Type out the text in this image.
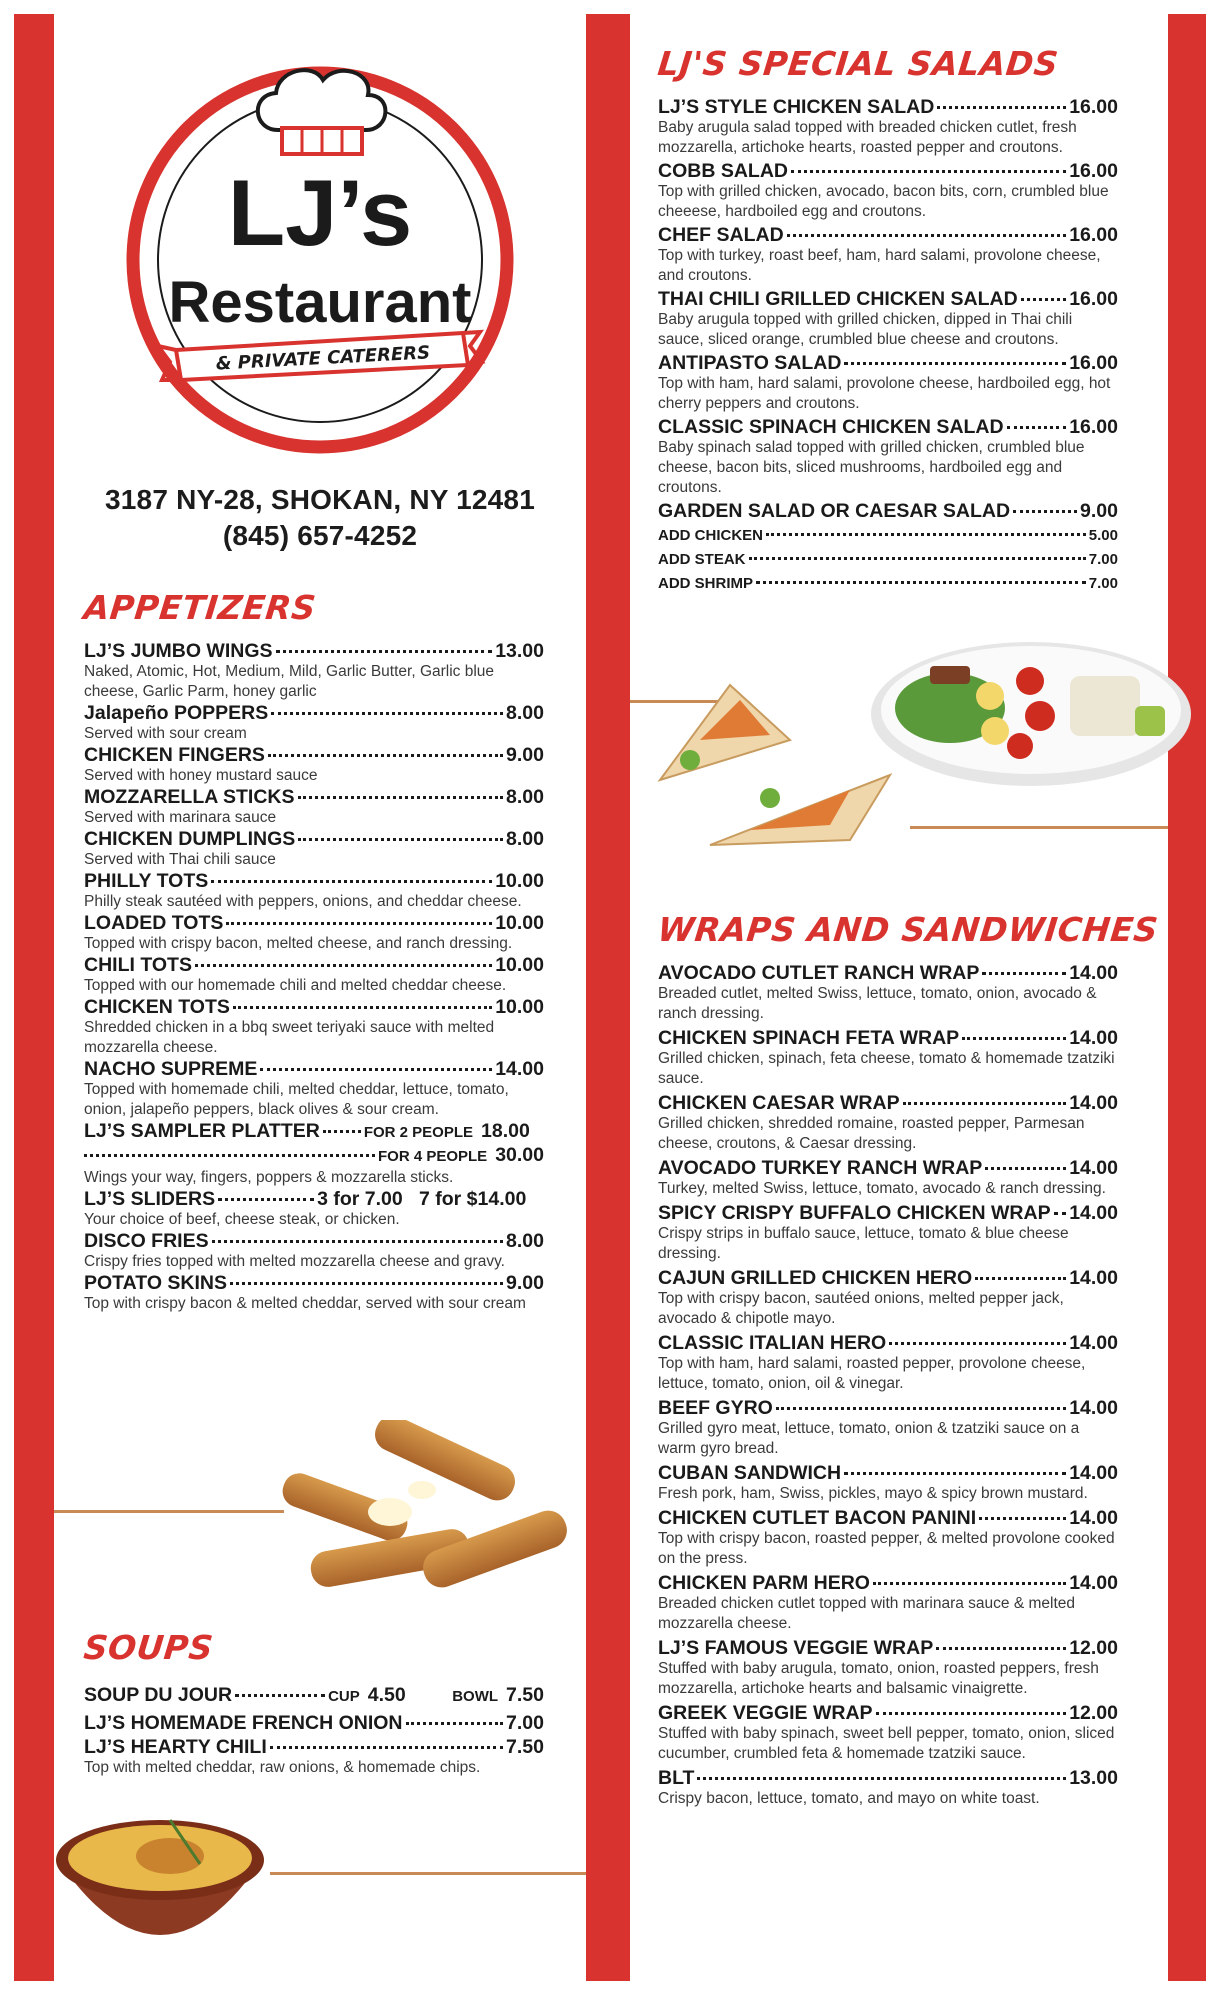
LJ’s
Restaurant
& PRIVATE CATERERS
3187 NY-28, SHOKAN, NY 12481
(845) 657-4252
APPETIZERS
LJ’S JUMBO WINGS	13.00
Naked, Atomic, Hot, Medium, Mild, Garlic Butter, Garlic blue cheese, Garlic Parm, honey garlic
Jalapeño POPPERS	8.00
Served with sour cream
CHICKEN FINGERS	9.00
Served with honey mustard sauce
MOZZARELLA STICKS	8.00
Served with marinara sauce
CHICKEN DUMPLINGS	8.00
Served with Thai chili sauce
PHILLY TOTS	10.00
Philly steak sautéed with peppers, onions, and cheddar cheese.
LOADED TOTS	10.00
Topped with crispy bacon, melted cheese, and ranch dressing.
CHILI TOTS	10.00
Topped with our homemade chili and melted cheddar cheese.
CHICKEN TOTS	10.00
Shredded chicken in a bbq sweet teriyaki sauce with melted mozzarella cheese.
NACHO SUPREME	14.00
Topped with homemade chili, melted cheddar, lettuce, tomato, onion, jalapeño peppers, black olives & sour cream.
LJ’S SAMPLER PLATTER	FOR 2 PEOPLE 18.00
FOR 4 PEOPLE 30.00
Wings your way, fingers, poppers & mozzarella sticks.
LJ’S SLIDERS	3 for 7.00   7 for $14.00
Your choice of beef, cheese steak, or chicken.
DISCO FRIES	8.00
Crispy fries topped with melted mozzarella cheese and gravy.
POTATO SKINS	9.00
Top with crispy bacon & melted cheddar, served with sour cream
SOUPS
SOUP DU JOUR	CUP 4.50	BOWL 7.50
LJ’S HOMEMADE FRENCH ONION	7.00
LJ’S HEARTY CHILI	7.50
Top with melted cheddar, raw onions, & homemade chips.
LJ'S SPECIAL SALADS
LJ’S STYLE CHICKEN SALAD	16.00
Baby arugula salad topped with breaded chicken cutlet, fresh mozzarella, artichoke hearts, roasted pepper and croutons.
COBB SALAD	16.00
Top with grilled chicken, avocado, bacon bits, corn, crumbled blue cheeese, hardboiled egg and croutons.
CHEF SALAD	16.00
Top with turkey, roast beef, ham, hard salami, provolone cheese, and croutons.
THAI CHILI GRILLED CHICKEN SALAD	16.00
Baby arugula topped with grilled chicken, dipped in Thai chili sauce, sliced orange, crumbled blue cheese and croutons.
ANTIPASTO SALAD	16.00
Top with ham, hard salami, provolone cheese, hardboiled egg, hot cherry peppers and croutons.
CLASSIC SPINACH CHICKEN SALAD	16.00
Baby spinach salad topped with grilled chicken, crumbled blue cheese, bacon bits, sliced mushrooms, hardboiled egg and croutons.
GARDEN SALAD OR CAESAR SALAD	9.00
ADD CHICKEN	5.00
ADD STEAK	7.00
ADD SHRIMP	7.00
WRAPS AND SANDWICHES
AVOCADO CUTLET RANCH WRAP	14.00
Breaded cutlet, melted Swiss, lettuce, tomato, onion, avocado & ranch dressing.
CHICKEN SPINACH FETA WRAP	14.00
Grilled chicken, spinach, feta cheese, tomato & homemade tzatziki sauce.
CHICKEN CAESAR WRAP	14.00
Grilled chicken, shredded romaine, roasted pepper, Parmesan cheese, croutons, & Caesar dressing.
AVOCADO TURKEY RANCH WRAP	14.00
Turkey, melted Swiss, lettuce, tomato, avocado & ranch dressing.
SPICY CRISPY BUFFALO CHICKEN WRAP 14.00
Crispy strips in buffalo sauce, lettuce, tomato & blue cheese dressing.
CAJUN GRILLED CHICKEN HERO	14.00
Top with crispy bacon, sautéed onions, melted pepper jack, avocado & chipotle mayo.
CLASSIC ITALIAN HERO	14.00
Top with ham, hard salami, roasted pepper, provolone cheese, lettuce, tomato, onion, oil & vinegar.
BEEF GYRO	14.00
Grilled gyro meat, lettuce, tomato, onion & tzatziki sauce on a warm gyro bread.
CUBAN SANDWICH	14.00
Fresh pork, ham, Swiss, pickles, mayo & spicy brown mustard.
CHICKEN CUTLET BACON PANINI	14.00
Top with crispy bacon, roasted pepper, & melted provolone cooked on the press.
CHICKEN PARM HERO	14.00
Breaded chicken cutlet topped with marinara sauce & melted mozzarella cheese.
LJ’S FAMOUS VEGGIE WRAP	12.00
Stuffed with baby arugula, tomato, onion, roasted peppers, fresh mozzarella, artichoke hearts and balsamic vinaigrette.
GREEK VEGGIE WRAP	12.00
Stuffed with baby spinach, sweet bell pepper, tomato, onion, sliced cucumber, crumbled feta & homemade tzatziki sauce.
BLT	13.00
Crispy bacon, lettuce, tomato, and mayo on white toast.
